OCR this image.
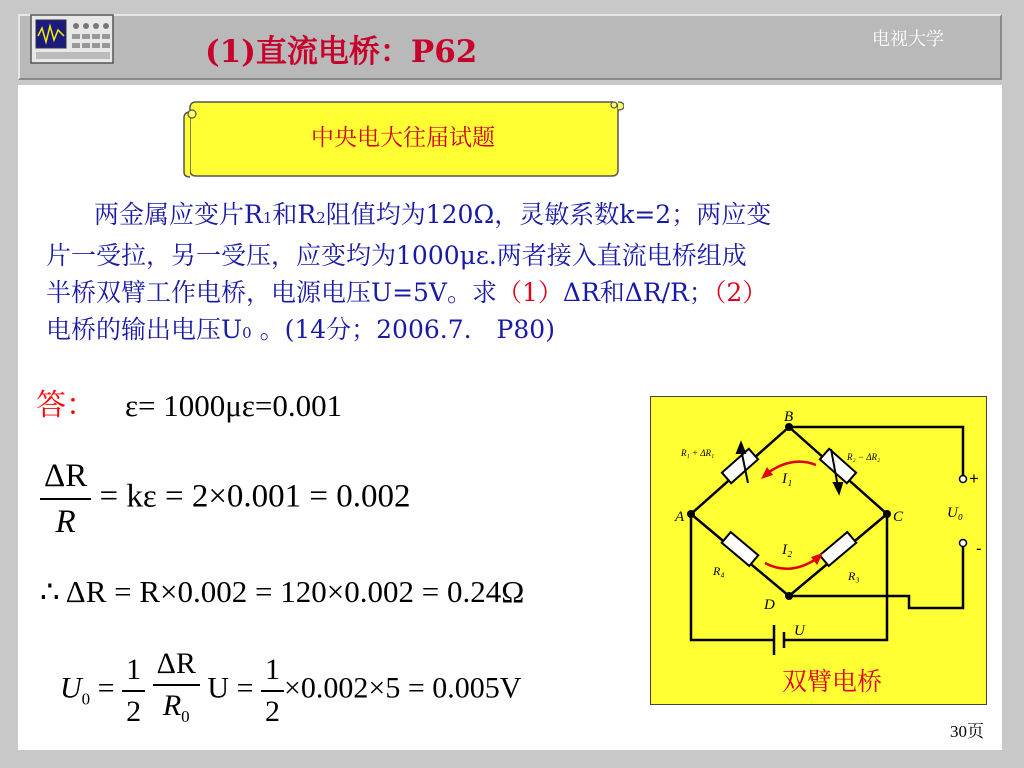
(1)直流电桥：P62	电视大学
中央电大往届试题

两金属应变片R1和R2阻值均为120Ω，灵敏系数k=2；两应变
片一受拉，另一受压，应变均为1000με.两者接入直流电桥组成
半桥双臂工作电桥，电源电压U=5V。求（1）ΔR和ΔR/R；（2）
电桥的输出电压U0 。(14分；2006.7.　P80)

答： ε= 1000με=0.001
$\frac{\Delta R}{R} = k\varepsilon = 2\times 0.001 = 0.002$
∴ ΔR = R×0.002 = 120×0.002 = 0.24Ω
$U_0 = \frac{1}{2}$
$\frac{\Delta R}{R_0}$ $U = \frac{1}{2} \times 0.002\times 5 = 0.005V$
B
A	C
D
R₁ + ΔR₁	R₂ − ΔR₂
R₄	R₃
I₁
I₂
U₀
U
+
-
双臂电桥
30页
